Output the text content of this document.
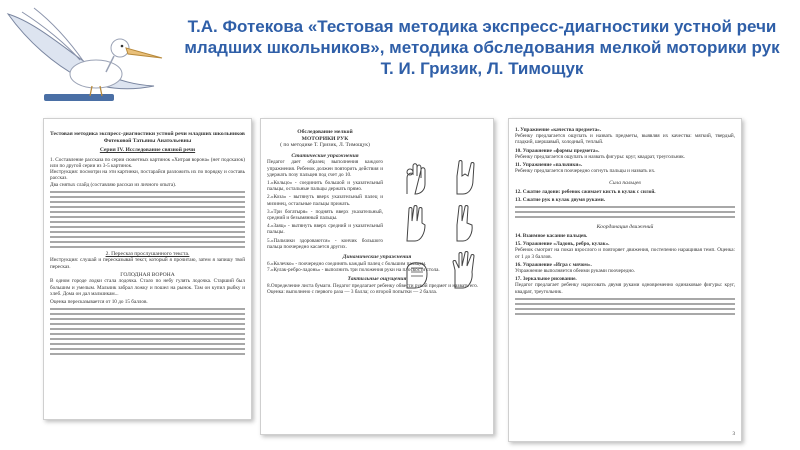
Т.А. Фотекова «Тестовая методика экспресс-диагностики устной речи
младших школьников», методика обследования мелкой моторики рук
Т. И. Гризик, Л. Тимощук

Тестовая методика экспресс-диагностики устной речи младших школьников

Фотековой Татьяны Анатольевны

Серия IV. Исследование связной речи

1. Составление рассказа по серии сюжетных картинок «Хитрая ворона» (нет подсказок) или по другой серии из 3-5 картинок.

Инструкция: посмотри на эти картинки, постарайся разложить их по порядку и составь рассказ.

Два снятых слайд (составляю рассказ из личного опыта).

2. Пересказ прослушанного текста.

Инструкция: слушай и пересказывай текст, который я прочитаю, затем я запишу твой пересказ.

ГОЛОДНАЯ ВОРОНА

В одном городе лодки стала лодочка. Стало по небу гулять лодочка. Старший был большим и умелым. Мальчик забрал ложку и пошел на рынок. Там он купил рыбку и хлеб. Дома он дал мальчикам...

Оценка пересказывается от 10 до 15 баллов.

Обследование мелкой

МОТОРИКИ РУК

( по методике Т. Гризик, Л. Тимощук)

Статические упражнения

Педагог дает образец выполнения каждого упражнения. Ребенок должен повторить действия и удержать позу пальцев под счет до 10.

1.«Кольцо» - соединить большой и указательный пальцы, остальные пальцы держать прямо.

2.«Коза» - вытянуть вверх указательный палец и мизинец, остальные пальцы прижать.

3.«Три богатыря» - поднять вверх указательный, средний и безымянный пальцы.

4.«Заяц» - вытянуть вверх средний и указательный пальцы.

5.«Пальчики здороваются» - кончик большого пальца поочередно касается других.

Динамические упражнения

6.«Колечко» - поочередно соединять каждый палец с большим пальцем.

7.«Кулак-ребро-ладонь» - выполнить три положения руки на плоскости стола.

Тактильные ощущения

8.Определение листа бумаги. Педагог предлагает ребенку обвести рукой предмет и назвать его.

Оценка: выполнено с первого раза — 3 балла; со второй попытки — 2 балла.

1. Упражнение «качества предмета».

Ребенку предлагается ощупать и назвать предметы, выявляя их качества: мягкий, твердый, гладкий, шершавый, холодный, теплый.

10. Упражнение «формы предмета».

Ребенку предлагается ощупать и назвать фигуры: круг, квадрат, треугольник.

11. Упражнение «пальчики».

Ребенку предлагается поочередно согнуть пальцы и назвать их.

Сила пальцев

12. Сжатие ладони: ребенок сжимает кисть в кулак с силой.

13. Сжатие рук в кулак двумя руками.

Координация движений

14. Взаимное касание пальцев.

15. Упражнение «Ладонь, ребро, кулак».

Ребенок смотрит на показ взрослого и повторяет движения, постепенно наращивая темп. Оценка: от 1 до 3 баллов.

16. Упражнение «Игра с мячом».

Упражнение выполняется обеими руками поочередно.

17. Зеркальное рисование.

Педагог предлагает ребенку нарисовать двумя руками одновременно одинаковые фигуры: круг, квадрат, треугольник.

3
